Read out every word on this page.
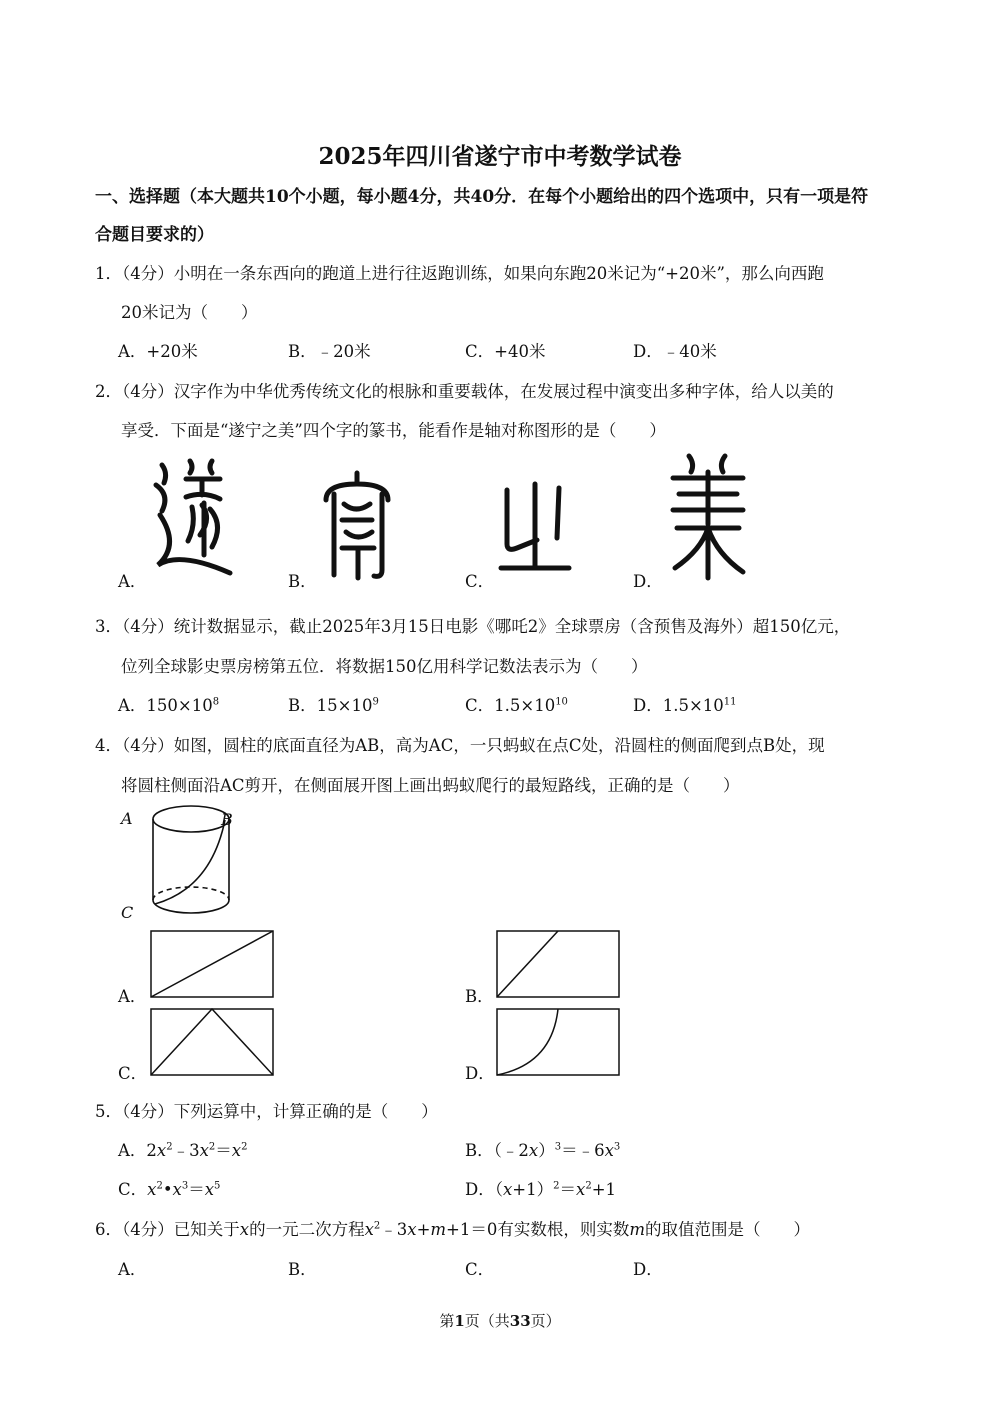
2025年四川省遂宁市中考数学试卷
一、选择题（本大题共10个小题，每小题4分，共40分．在每个小题给出的四个选项中，只有一项是符
合题目要求的）
1．（4分）小明在一条东西向的跑道上进行往返跑训练，如果向东跑20米记为“+20米”，那么向西跑
20米记为（　　）
A．+20米	B．﹣20米	C．+40米	D．﹣40米
2．（4分）汉字作为中华优秀传统文化的根脉和重要载体，在发展过程中演变出多种字体，给人以美的
享受．下面是“遂宁之美”四个字的篆书，能看作是轴对称图形的是（　　）
A．	B．	C．	D．
3．（4分）统计数据显示，截止2025年3月15日电影《哪吒2》全球票房（含预售及海外）超150亿元，
位列全球影史票房榜第五位．将数据150亿用科学记数法表示为（　　）
A．$150\times 10^8$	B．$15\times 10^9$	C．$1.5\times 10^{10}$	D．$1.5\times 10^{11}$
4．（4分）如图，圆柱的底面直径为AB，高为AC，一只蚂蚁在点C处，沿圆柱的侧面爬到点B处，现
将圆柱侧面沿AC剪开，在侧面展开图上画出蚂蚁爬行的最短路线，正确的是（　　）
A	B
C
A．	B．
C．	D．
5．（4分）下列运算中，计算正确的是（　　）
A．$2x^2﹣3x^2=x^2$	B．$(﹣2x)^3=﹣6x^3$
C．$x^2•x^3=x^5$	D．$(x+1)^2=x^2+1$
6．（4分）已知关于x的一元二次方程$x^2﹣3x+m+1=0$有实数根，则实数m的取值范围是（　　）
A．	B．	C．	D．
第1页（共33页）
